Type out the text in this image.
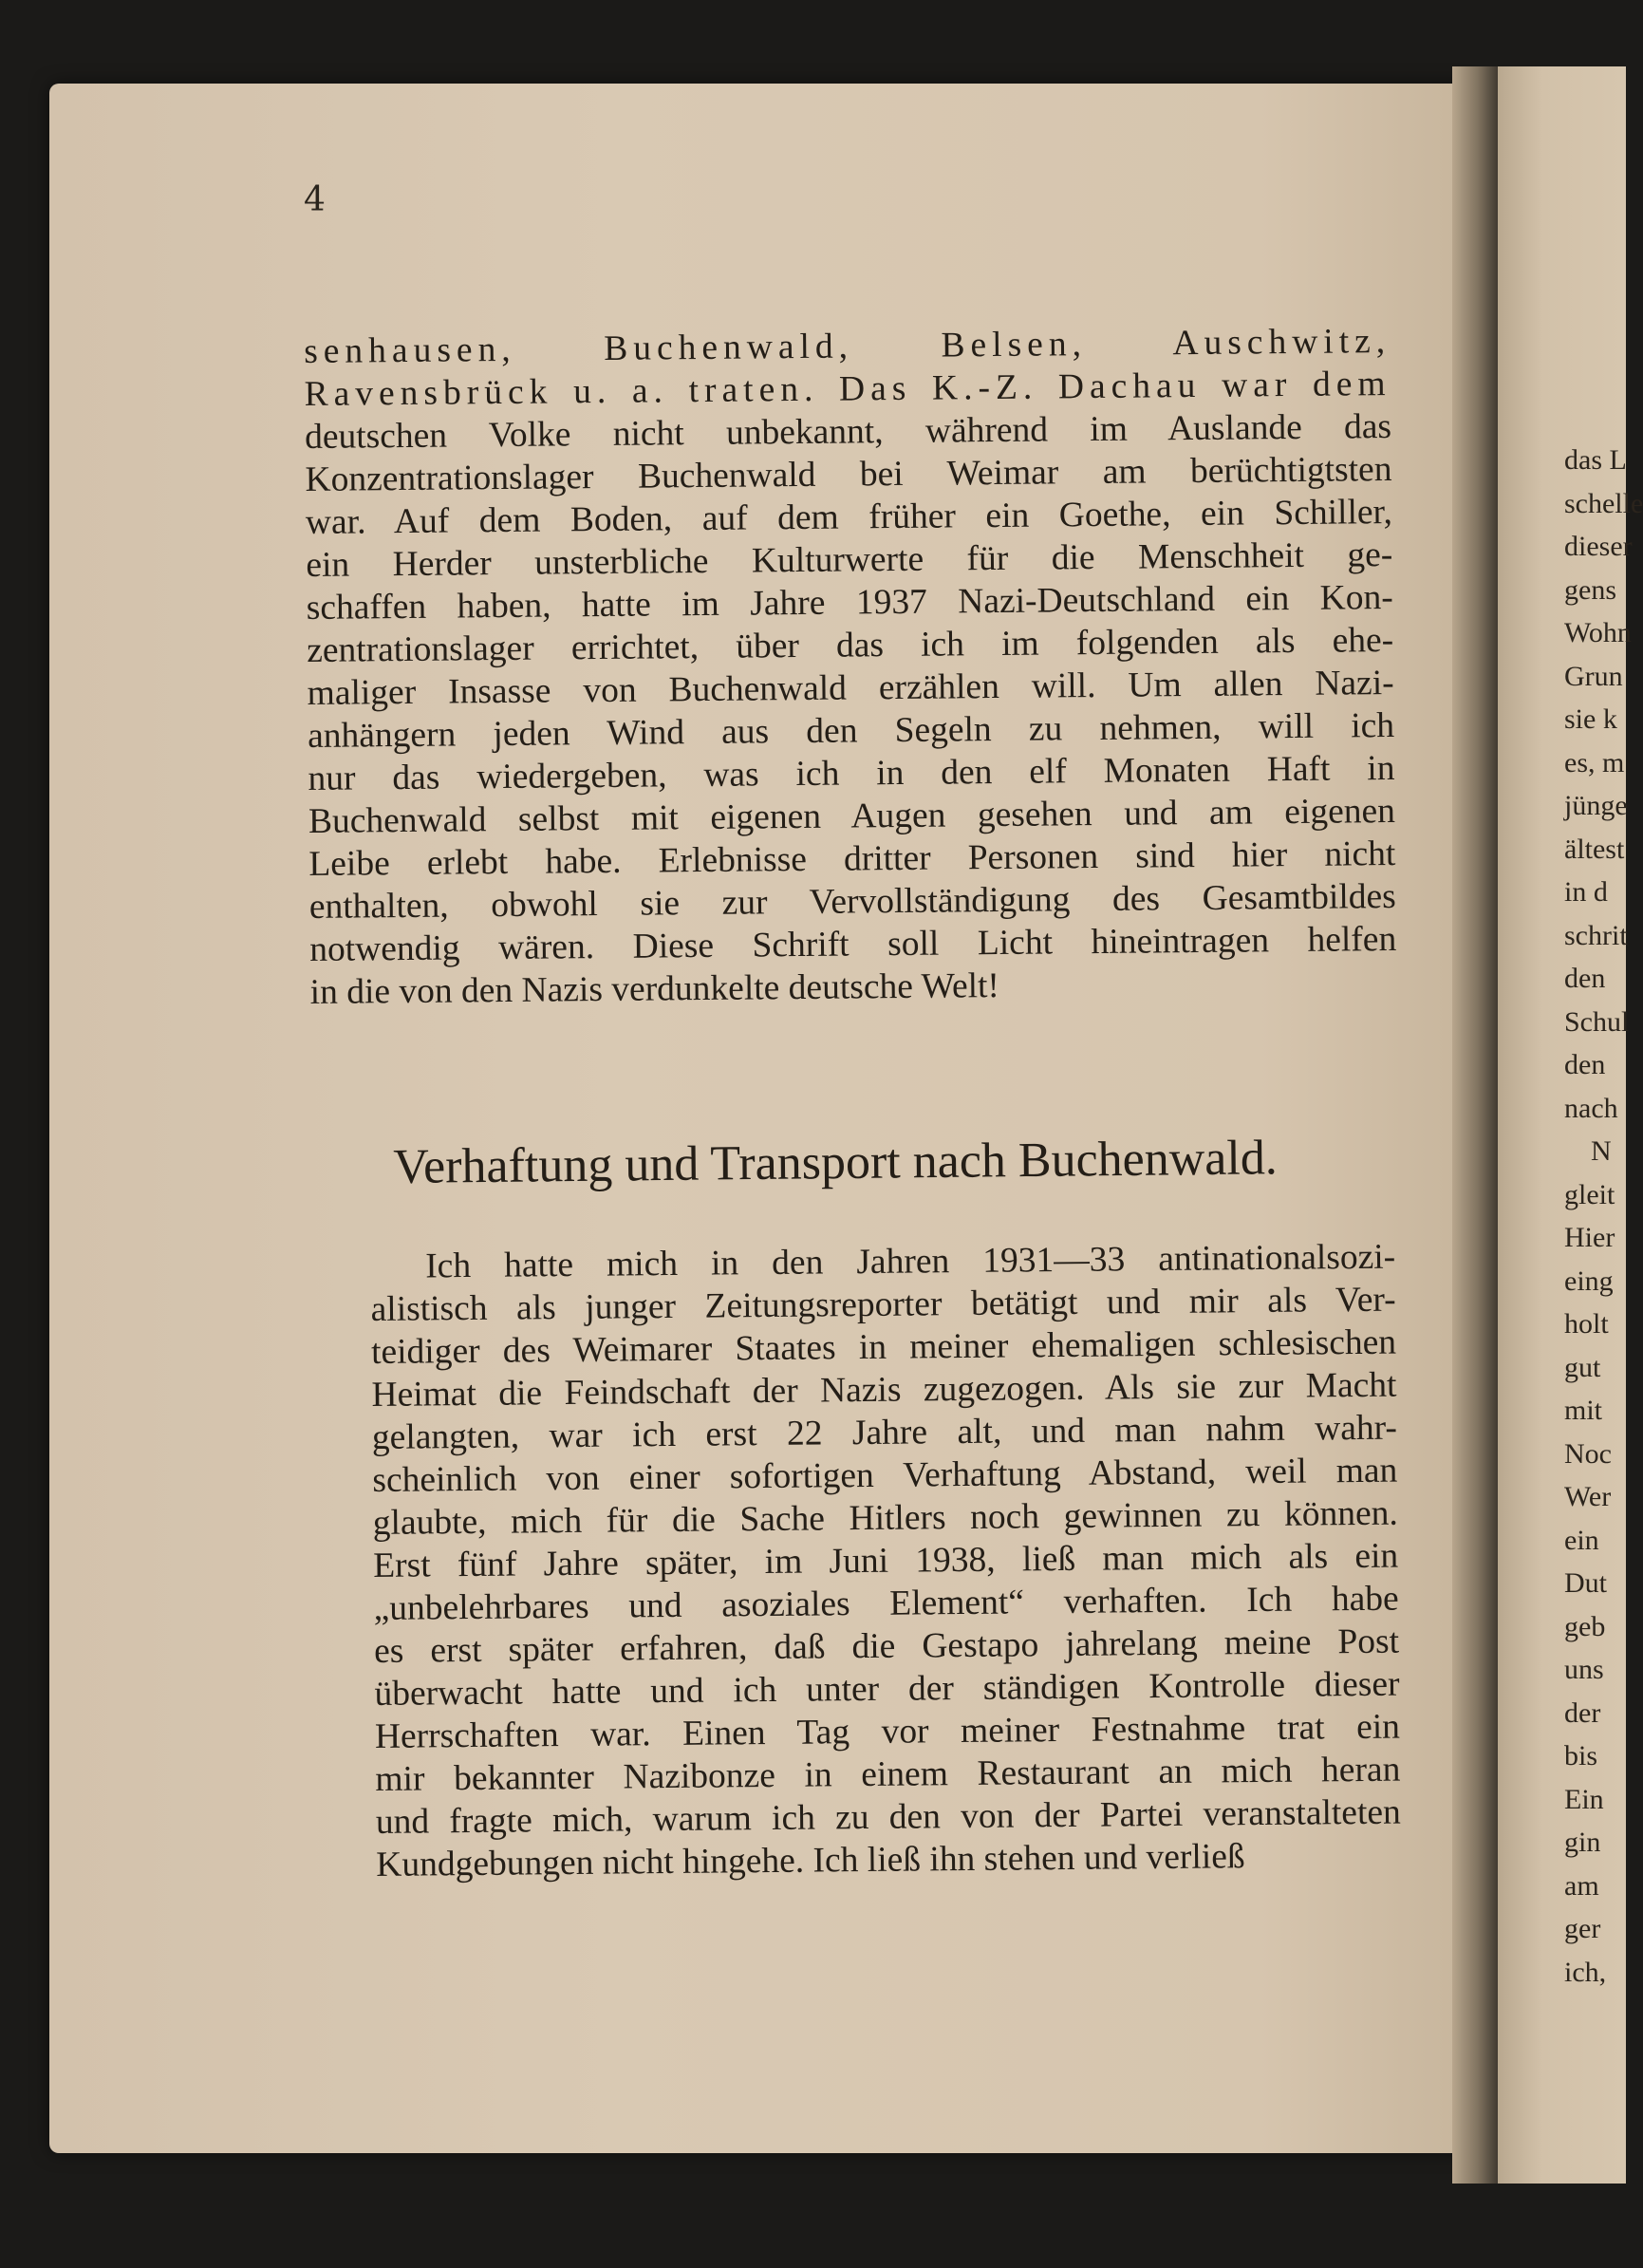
das L
schelle
dieser
gens
Wohn
Grun
sie k
es, m
jünge
ältest
in d
schrit
den
Schul
den
nach
N
gleit
Hier
eing
holt
gut
mit
Noc
Wer
ein
Dut
geb
uns
der
bis
Ein
gin
am
ger
ich,
4
senhausen, Buchenwald, Belsen, Auschwitz,
Ravensbrück u. a. traten. Das K.-Z. Dachau war dem
deutschen Volke nicht unbekannt, während im Auslande das
Konzentrationslager Buchenwald bei Weimar am berüchtigtsten
war. Auf dem Boden, auf dem früher ein Goethe, ein Schiller,
ein Herder unsterbliche Kulturwerte für die Menschheit ge-
schaffen haben, hatte im Jahre 1937 Nazi-Deutschland ein Kon-
zentrationslager errichtet, über das ich im folgenden als ehe-
maliger Insasse von Buchenwald erzählen will. Um allen Nazi-
anhängern jeden Wind aus den Segeln zu nehmen, will ich
nur das wiedergeben, was ich in den elf Monaten Haft in
Buchenwald selbst mit eigenen Augen gesehen und am eigenen
Leibe erlebt habe. Erlebnisse dritter Personen sind hier nicht
enthalten, obwohl sie zur Vervollständigung des Gesamtbildes
notwendig wären. Diese Schrift soll Licht hineintragen helfen
in die von den Nazis verdunkelte deutsche Welt!
Verhaftung und Transport nach Buchenwald.
Ich hatte mich in den Jahren 1931—33 antinationalsozi-
alistisch als junger Zeitungsreporter betätigt und mir als Ver-
teidiger des Weimarer Staates in meiner ehemaligen schlesischen
Heimat die Feindschaft der Nazis zugezogen. Als sie zur Macht
gelangten, war ich erst 22 Jahre alt, und man nahm wahr-
scheinlich von einer sofortigen Verhaftung Abstand, weil man
glaubte, mich für die Sache Hitlers noch gewinnen zu können.
Erst fünf Jahre später, im Juni 1938, ließ man mich als ein
„unbelehrbares und asoziales Element“ verhaften. Ich habe
es erst später erfahren, daß die Gestapo jahrelang meine Post
überwacht hatte und ich unter der ständigen Kontrolle dieser
Herrschaften war. Einen Tag vor meiner Festnahme trat ein
mir bekannter Nazibonze in einem Restaurant an mich heran
und fragte mich, warum ich zu den von der Partei veranstalteten
Kundgebungen nicht hingehe. Ich ließ ihn stehen und verließ
